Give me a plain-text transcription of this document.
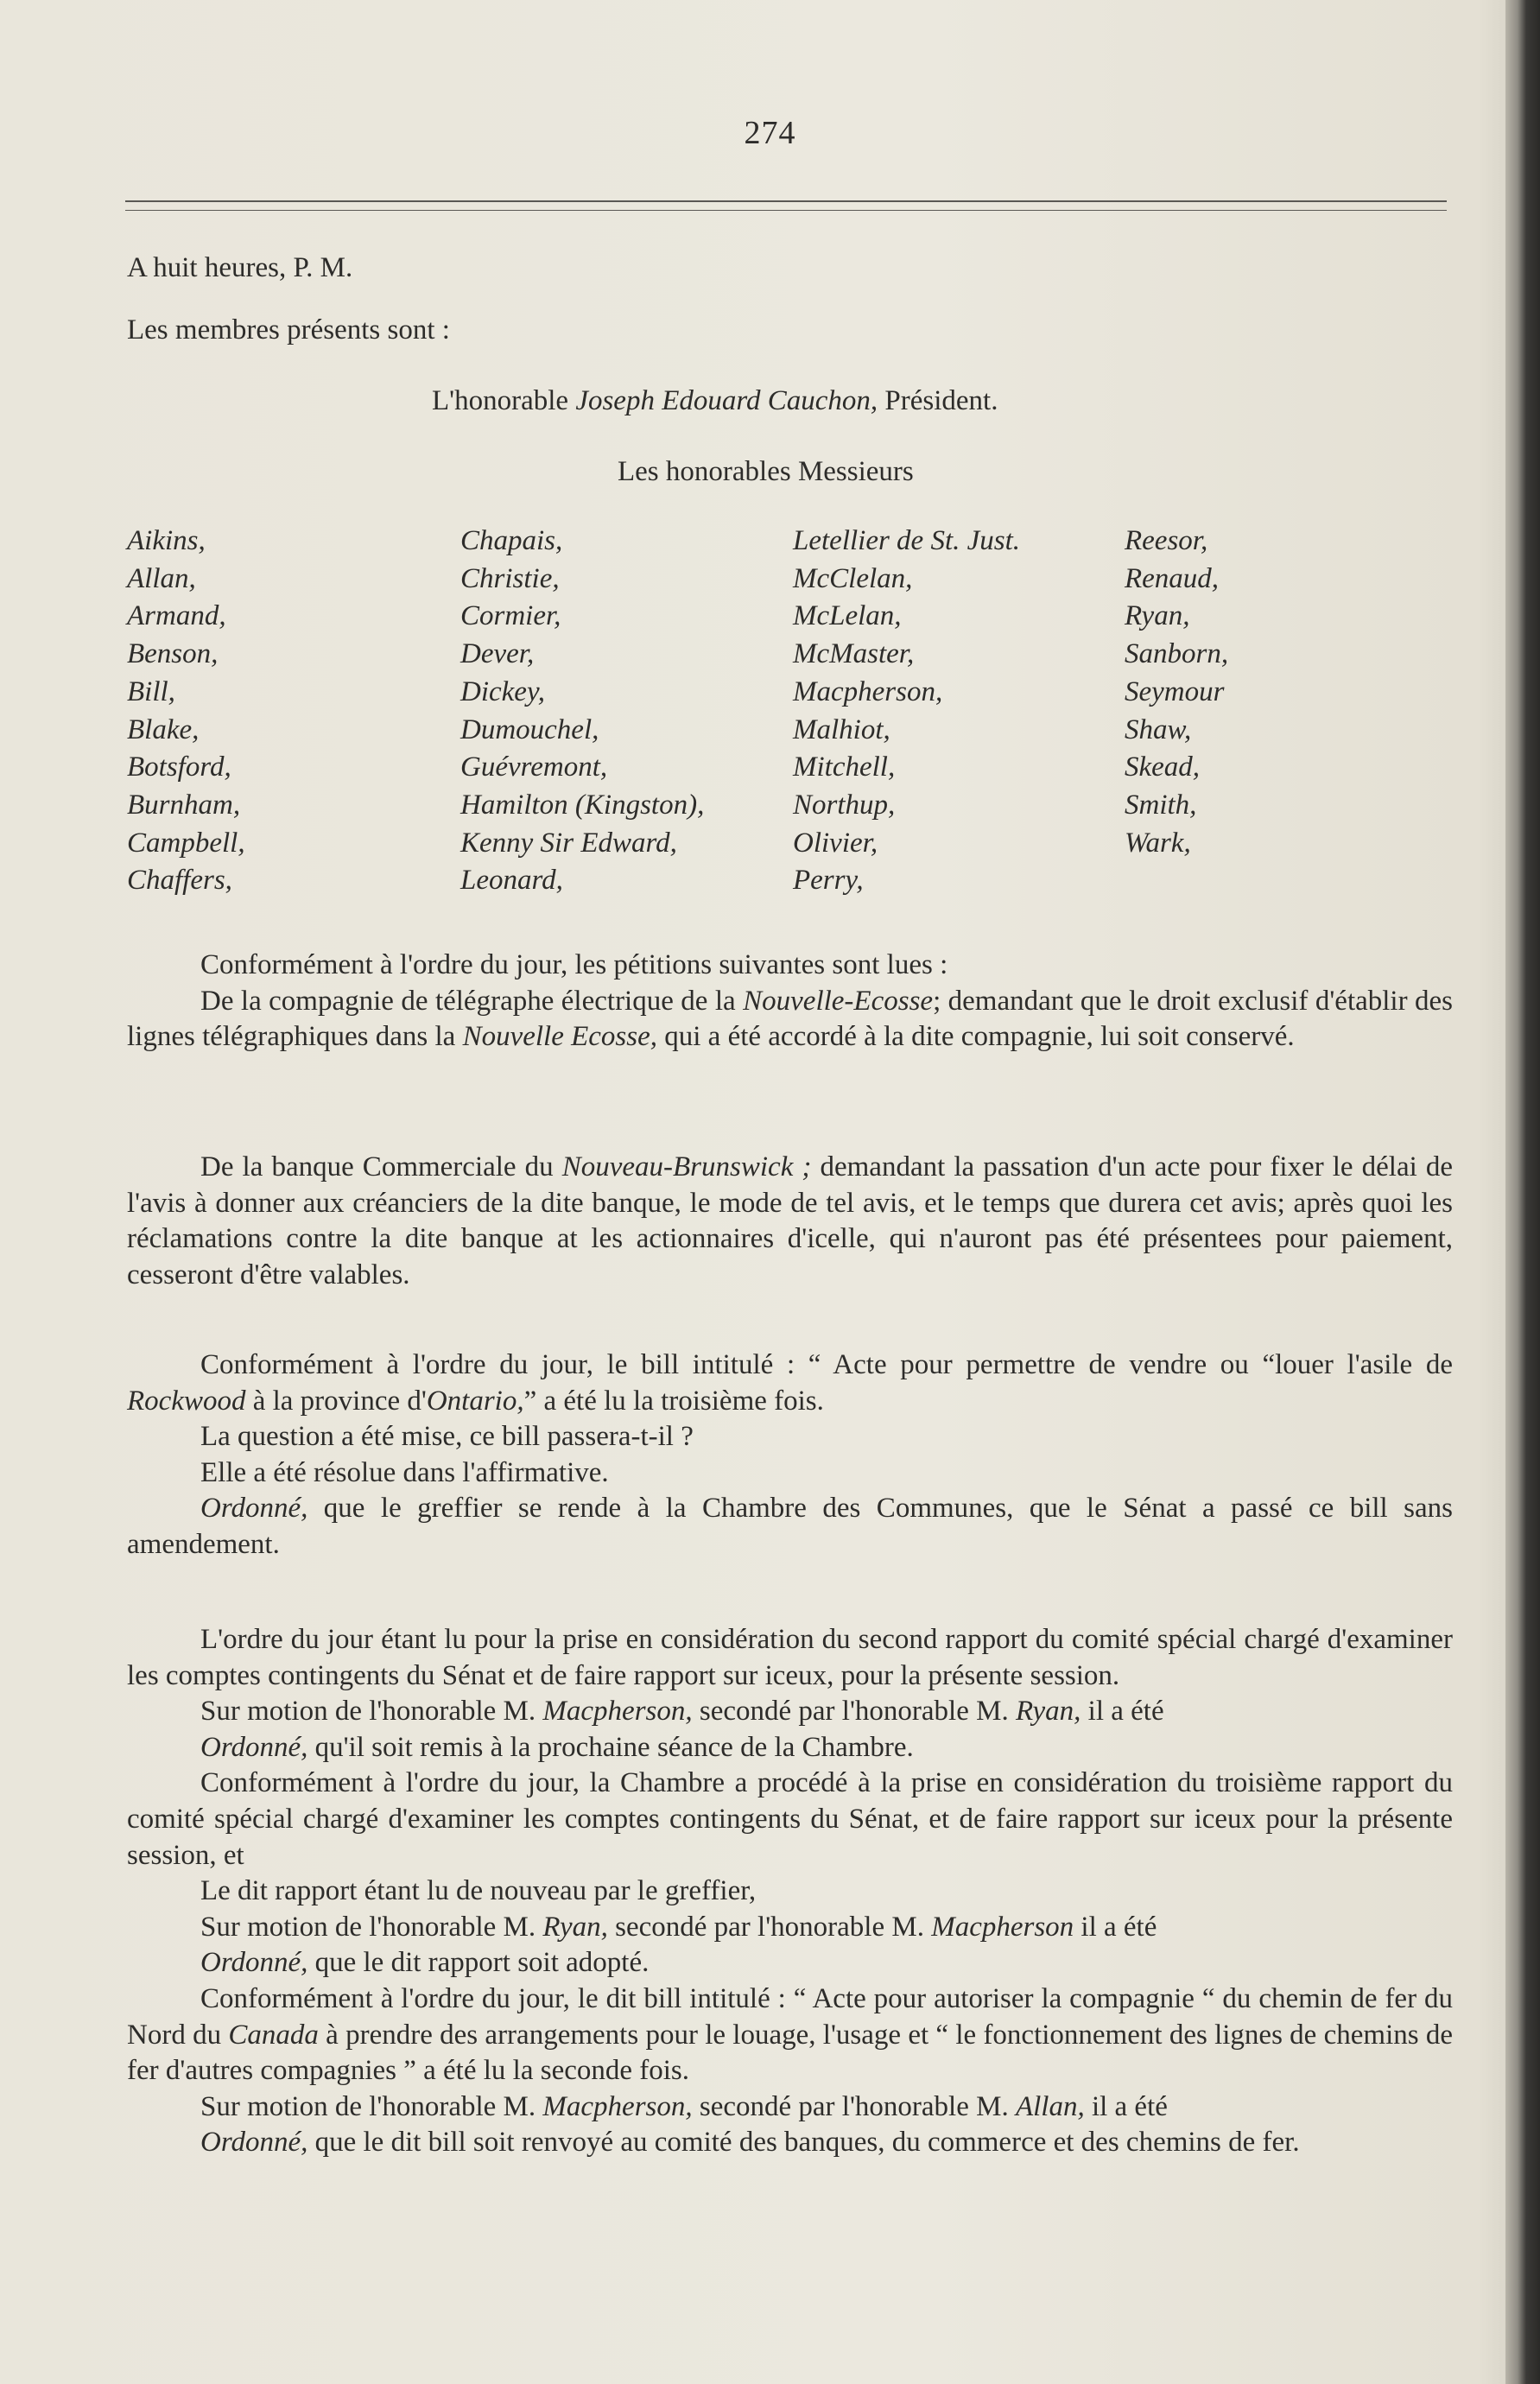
274
A huit heures, P. M.
Les membres présents sont :
L'honorable Joseph Edouard Cauchon, Président.
Les honorables Messieurs
Aikins,
Allan,
Armand,
Benson,
Bill,
Blake,
Botsford,
Burnham,
Campbell,
Chaffers,
Chapais,
Christie,
Cormier,
Dever,
Dickey,
Dumouchel,
Guévremont,
Hamilton (Kingston),
Kenny Sir Edward,
Leonard,
Letellier de St. Just.
McClelan,
McLelan,
McMaster,
Macpherson,
Malhiot,
Mitchell,
Northup,
Olivier,
Perry,
Reesor,
Renaud,
Ryan,
Sanborn,
Seymour
Shaw,
Skead,
Smith,
Wark,

Conformément à l'ordre du jour, les pétitions suivantes sont lues :

De la compagnie de télégraphe électrique de la Nouvelle-Ecosse; demandant que le droit exclusif d'établir des lignes télégraphiques dans la Nouvelle Ecosse, qui a été accordé à la dite compagnie, lui soit conservé.

De la banque Commerciale du Nouveau-Brunswick ; demandant la passation d'un acte pour fixer le délai de l'avis à donner aux créanciers de la dite banque, le mode de tel avis, et le temps que durera cet avis; après quoi les réclamations contre la dite banque at les actionnaires d'icelle, qui n'auront pas été présentees pour paiement, cesseront d'être valables.

Conformément à l'ordre du jour, le bill intitulé : “ Acte pour permettre de vendre ou “louer l'asile de Rockwood à la province d'Ontario,” a été lu la troisième fois.

La question a été mise, ce bill passera-t-il ?

Elle a été résolue dans l'affirmative.

Ordonné, que le greffier se rende à la Chambre des Communes, que le Sénat a passé ce bill sans amendement.

L'ordre du jour étant lu pour la prise en considération du second rapport du comité spécial chargé d'examiner les comptes contingents du Sénat et de faire rapport sur iceux, pour la présente session.

Sur motion de l'honorable M. Macpherson, secondé par l'honorable M. Ryan, il a été

Ordonné, qu'il soit remis à la prochaine séance de la Chambre.

Conformément à l'ordre du jour, la Chambre a procédé à la prise en considération du troisième rapport du comité spécial chargé d'examiner les comptes contingents du Sénat, et de faire rapport sur iceux pour la présente session, et

Le dit rapport étant lu de nouveau par le greffier,

Sur motion de l'honorable M. Ryan, secondé par l'honorable M. Macpherson il a été

Ordonné, que le dit rapport soit adopté.

Conformément à l'ordre du jour, le dit bill intitulé : “ Acte pour autoriser la compagnie “ du chemin de fer du Nord du Canada à prendre des arrangements pour le louage, l'usage et “ le fonctionnement des lignes de chemins de fer d'autres compagnies ” a été lu la seconde fois.

Sur motion de l'honorable M. Macpherson, secondé par l'honorable M. Allan, il a été

Ordonné, que le dit bill soit renvoyé au comité des banques, du commerce et des chemins de fer.
